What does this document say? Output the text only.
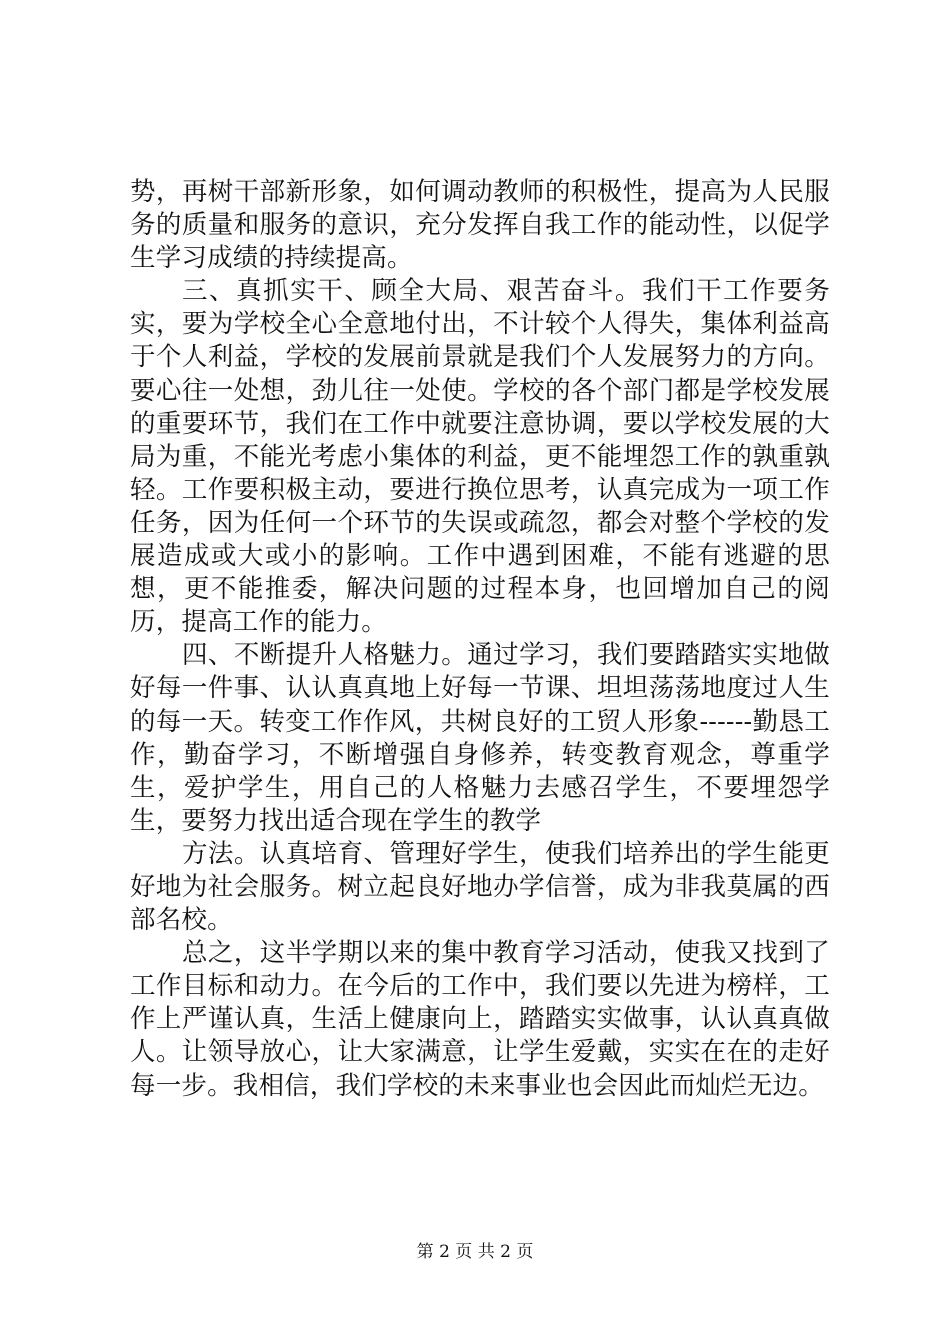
势，再树干部新形象，如何调动教师的积极性，提高为人民服务的质量和服务的意识，充分发挥自我工作的能动性，以促学生学习成绩的持续提高。

三、真抓实干、顾全大局、艰苦奋斗。我们干工作要务实，要为学校全心全意地付出，不计较个人得失，集体利益高于个人利益，学校的发展前景就是我们个人发展努力的方向。要心往一处想，劲儿往一处使。学校的各个部门都是学校发展的重要环节，我们在工作中就要注意协调，要以学校发展的大局为重，不能光考虑小集体的利益，更不能埋怨工作的孰重孰轻。工作要积极主动，要进行换位思考，认真完成为一项工作任务，因为任何一个环节的失误或疏忽，都会对整个学校的发展造成或大或小的影响。工作中遇到困难，不能有逃避的思想，更不能推委，解决问题的过程本身，也回增加自己的阅历，提高工作的能力。

四、不断提升人格魅力。通过学习，我们要踏踏实实地做好每一件事、认认真真地上好每一节课、坦坦荡荡地度过人生的每一天。转变工作作风，共树良好的工贸人形象------勤恳工作，勤奋学习，不断增强自身修养，转变教育观念，尊重学生，爱护学生，用自己的人格魅力去感召学生，不要埋怨学生，要努力找出适合现在学生的教学

方法。认真培育、管理好学生，使我们培养出的学生能更好地为社会服务。树立起良好地办学信誉，成为非我莫属的西部名校。

总之，这半学期以来的集中教育学习活动，使我又找到了工作目标和动力。在今后的工作中，我们要以先进为榜样，工作上严谨认真，生活上健康向上，踏踏实实做事，认认真真做人。让领导放心，让大家满意，让学生爱戴，实实在在的走好每一步。我相信，我们学校的未来事业也会因此而灿烂无边。

第 2 页 共 2 页
